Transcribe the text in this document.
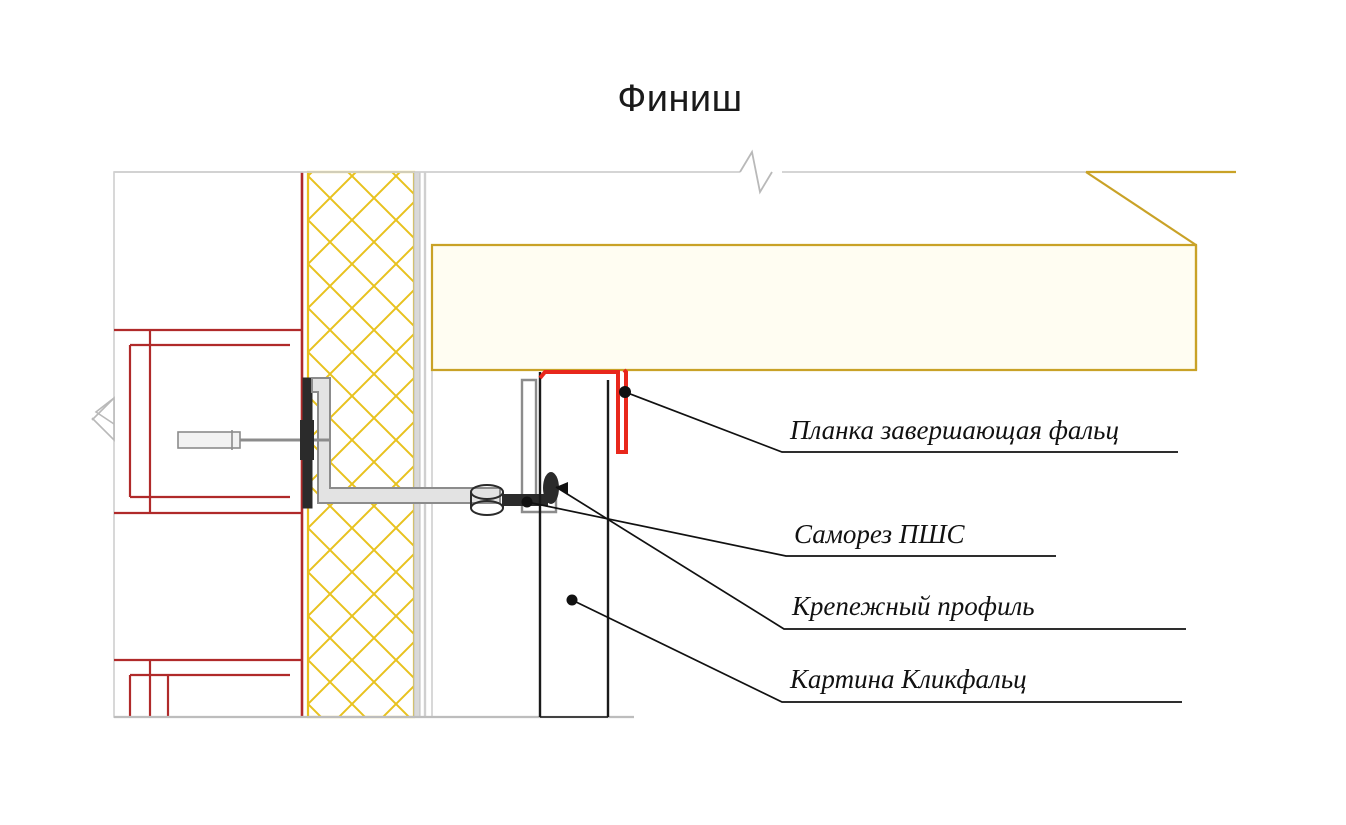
Финиш
Планка завершающая фальц
Саморез ПШС
Крепежный профиль
Картина Кликфальц
